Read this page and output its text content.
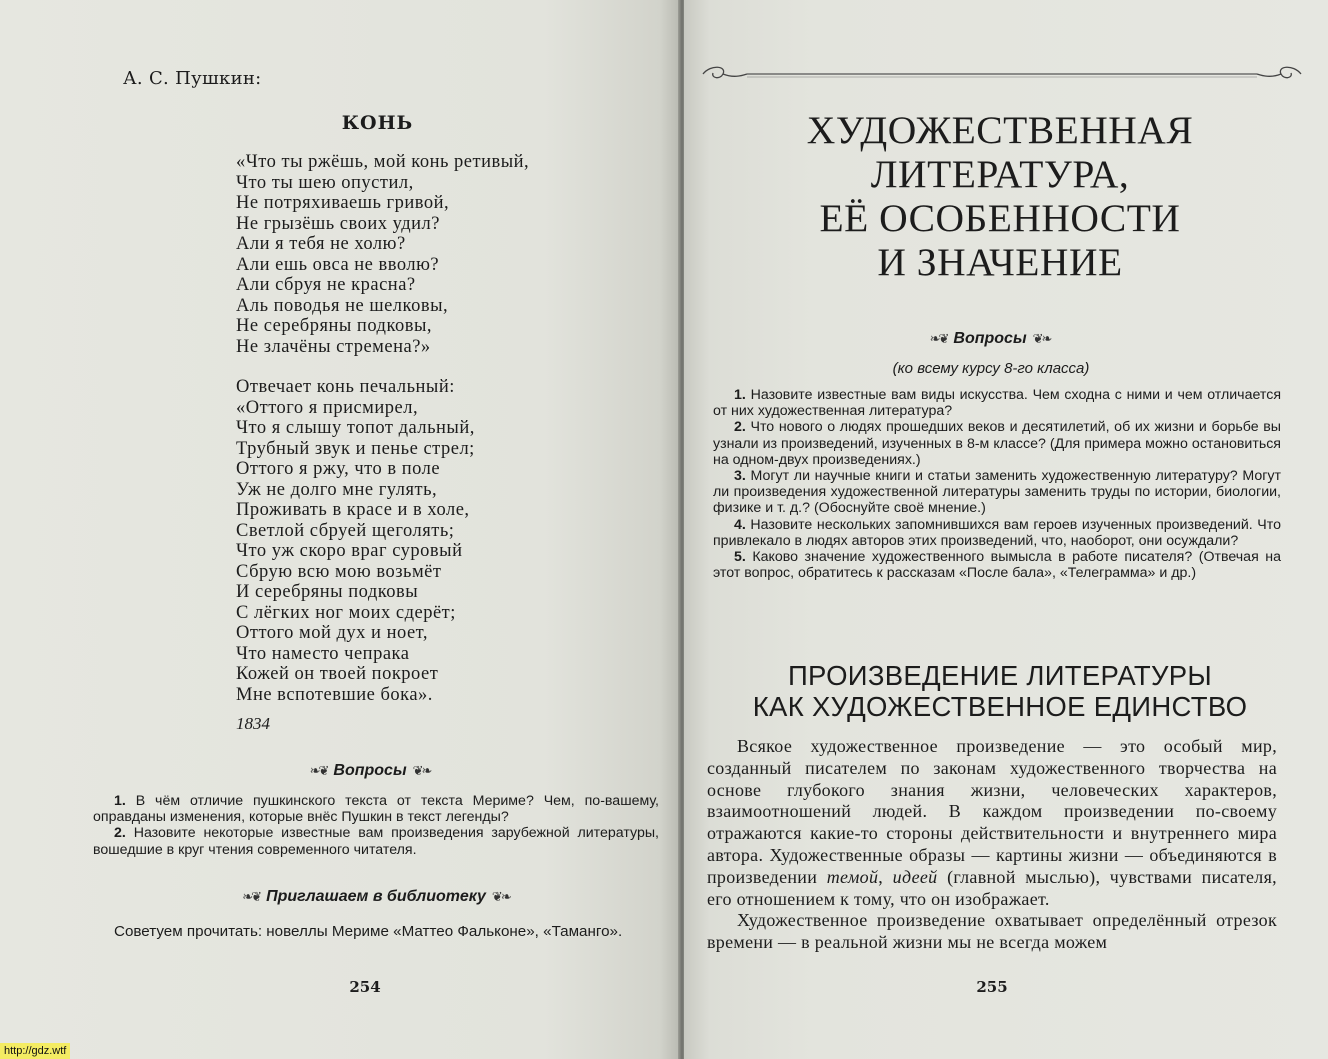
А. С. Пушкин:
КОНЬ
«Что ты ржёшь, мой конь ретивый,
Что ты шею опустил,
Не потряхиваешь гривой,
Не грызёшь своих удил?
Али я тебя не холю?
Али ешь овса не вволю?
Али сбруя не красна?
Аль поводья не шелковы,
Не серебряны подковы,
Не злачёны стремена?»
Отвечает конь печальный:
«Оттого я присмирел,
Что я слышу топот дальный,
Трубный звук и пенье стрел;
Оттого я ржу, что в поле
Уж не долго мне гулять,
Проживать в красе и в холе,
Светлой сбруей щеголять;
Что уж скоро враг суровый
Сбрую всю мою возьмёт
И серебряны подковы
С лёгких ног моих сдерёт;
Оттого мой дух и ноет,
Что наместо чепрака
Кожей он твоей покроет
Мне вспотевшие бока».
1834
❧❦ Вопросы ❦❧

1. В чём отличие пушкинского текста от текста Мериме? Чем, по-вашему, оправданы изменения, которые внёс Пушкин в текст легенды?

2. Назовите некоторые известные вам произведения зарубежной литературы, вошедшие в круг чтения современного читателя.

❧❦ Приглашаем в библиотеку ❦❧
Советуем прочитать: новеллы Мериме «Маттео Фальконе», «Таманго».
254
ХУДОЖЕСТВЕННАЯ
ЛИТЕРАТУРА,
ЕЁ ОСОБЕННОСТИ
И ЗНАЧЕНИЕ
❧❦ Вопросы ❦❧
(ко всему курсу 8-го класса)

1. Назовите известные вам виды искусства. Чем сходна с ними и чем отличается от них художественная литература?

2. Что нового о людях прошедших веков и десятилетий, об их жизни и борьбе вы узнали из произведений, изученных в 8-м классе? (Для примера можно остановиться на одном-двух произведениях.)

3. Могут ли научные книги и статьи заменить художественную литературу? Могут ли произведения художественной литературы заменить труды по истории, биологии, физике и т. д.? (Обоснуйте своё мнение.)

4. Назовите нескольких запомнившихся вам героев изученных произведений. Что привлекало в людях авторов этих произведений, что, наоборот, они осуждали?

5. Каково значение художественного вымысла в работе писателя? (Отвечая на этот вопрос, обратитесь к рассказам «После бала», «Телеграмма» и др.)

ПРОИЗВЕДЕНИЕ ЛИТЕРАТУРЫ
КАК ХУДОЖЕСТВЕННОЕ ЕДИНСТВО

Всякое художественное произведение — это особый мир, созданный писателем по законам художественного творчества на основе глубокого знания жизни, человеческих характеров, взаимоотношений людей. В каждом произведении по-своему отражаются какие-то стороны действительности и внутреннего мира автора. Художественные образы — картины жизни — объединяются в произведении темой, идеей (главной мыслью), чувствами писателя, его отношением к тому, что он изображает.

Художественное произведение охватывает определённый отрезок времени — в реальной жизни мы не всегда можем

255
http://gdz.wtf
